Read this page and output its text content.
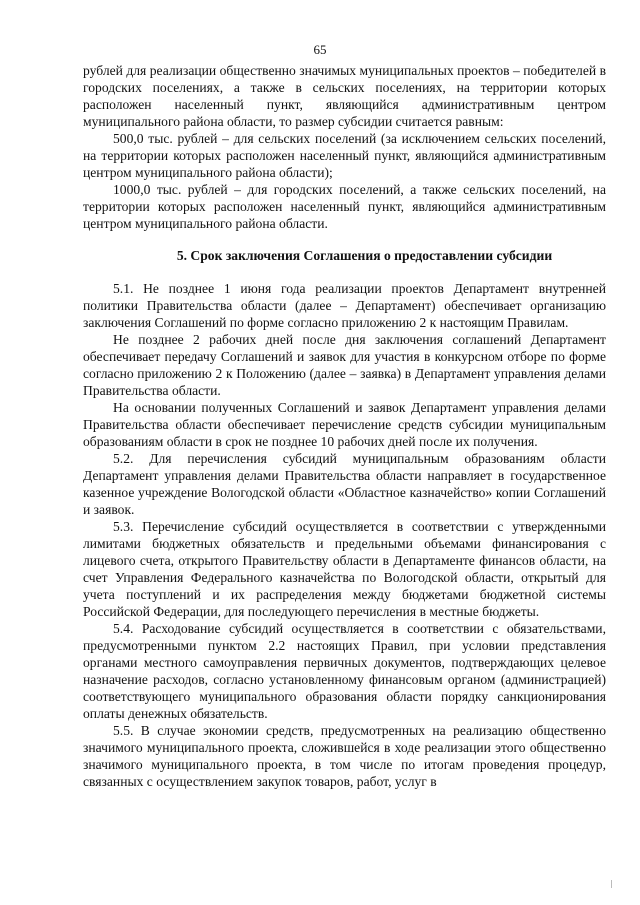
65

рублей для реализации общественно значимых муниципальных проектов – победителей в городских поселениях, а также в сельских поселениях, на территории которых расположен населенный пункт, являющийся административным центром муниципального района области, то размер субсидии считается равным:

500,0 тыс. рублей – для сельских поселений (за исключением сельских поселений, на территории которых расположен населенный пункт, являющийся административным центром муниципального района области);

1000,0 тыс. рублей – для городских поселений, а также сельских поселений, на территории которых расположен населенный пункт, являющийся административным центром муниципального района области.

5. Срок заключения Соглашения о предоставлении субсидии

5.1. Не позднее 1 июня года реализации проектов Департамент внутренней политики Правительства области (далее – Департамент) обеспечивает организацию заключения Соглашений по форме согласно приложению 2 к настоящим Правилам.

Не позднее 2 рабочих дней после дня заключения соглашений Департамент обеспечивает передачу Соглашений и заявок для участия в конкурсном отборе по форме согласно приложению 2 к Положению (далее – заявка) в Департамент управления делами Правительства области.

На основании полученных Соглашений и заявок Департамент управления делами Правительства области обеспечивает перечисление средств субсидии муниципальным образованиям области в срок не позднее 10 рабочих дней после их получения.

5.2. Для перечисления субсидий муниципальным образованиям области Департамент управления делами Правительства области направляет в государственное казенное учреждение Вологодской области «Областное казначейство» копии Соглашений и заявок.

5.3. Перечисление субсидий осуществляется в соответствии с утвержденными лимитами бюджетных обязательств и предельными объемами финансирования с лицевого счета, открытого Правительству области в Департаменте финансов области, на счет Управления Федерального казначейства по Вологодской области, открытый для учета поступлений и их распределения между бюджетами бюджетной системы Российской Федерации, для последующего перечисления в местные бюджеты.

5.4. Расходование субсидий осуществляется в соответствии с обязательствами, предусмотренными пунктом 2.2 настоящих Правил, при условии представления органами местного самоуправления первичных документов, подтверждающих целевое назначение расходов, согласно установленному финансовым органом (администрацией) соответствующего муниципального образования области порядку санкционирования оплаты денежных обязательств.

5.5. В случае экономии средств, предусмотренных на реализацию общественно значимого муниципального проекта, сложившейся в ходе реализации этого общественно значимого муниципального проекта, в том числе по итогам проведения процедур, связанных с осуществлением закупок товаров, работ, услуг в
